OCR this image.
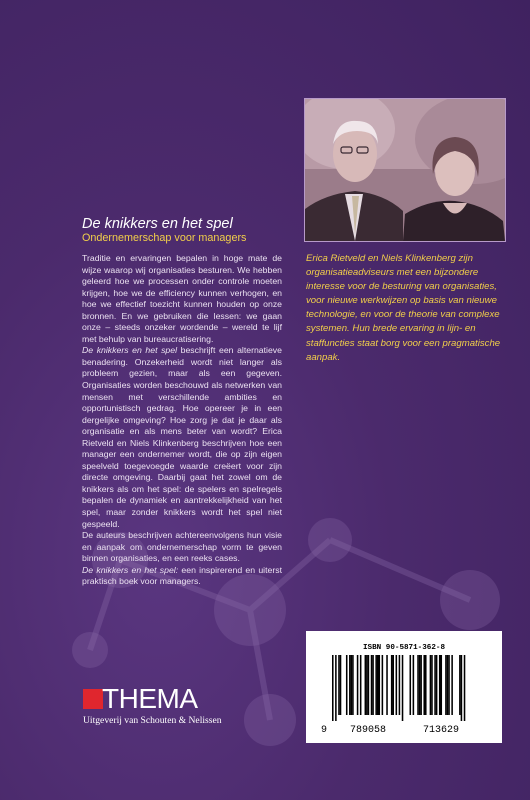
Erica Rietveld en Niels Klinkenberg zijn organisatieadviseurs met een bijzondere interesse voor de besturing van organisaties, voor nieuwe werkwijzen op basis van nieuwe technologie, en voor de theorie van complexe systemen. Hun brede ervaring in lijn- en staffuncties staat borg voor een pragmatische aanpak.
De knikkers en het spel
Ondernemerschap voor managers

Traditie en ervaringen bepalen in hoge mate de wijze waarop wij organisaties besturen. We hebben geleerd hoe we processen onder controle moeten krijgen, hoe we de efficiency kunnen verhogen, en hoe we effectief toezicht kunnen houden op onze bronnen. En we gebruiken die lessen: we gaan onze – steeds onzeker wordende – wereld te lijf met behulp van bureaucratisering.

De knikkers en het spel beschrijft een alternatieve benadering. Onzekerheid wordt niet langer als probleem gezien, maar als een gegeven. Organisaties worden beschouwd als netwerken van mensen met verschillende ambities en opportunistisch gedrag. Hoe opereer je in een dergelijke omgeving? Hoe zorg je dat je daar als organisatie en als mens beter van wordt? Erica Rietveld en Niels Klinkenberg beschrijven hoe een manager een ondernemer wordt, die op zijn eigen speelveld toegevoegde waarde creëert voor zijn directe omgeving. Daarbij gaat het zowel om de knikkers als om het spel: de spelers en spelregels bepalen de dynamiek en aantrekkelijkheid van het spel, maar zonder knikkers wordt het spel niet gespeeld.

De auteurs beschrijven achtereenvolgens hun visie en aanpak om ondernemerschap vorm te geven binnen organisaties, en een reeks cases.

De knikkers en het spel: een inspirerend en uiterst praktisch boek voor managers.

ISBN 90-5871-362-8
9 789058	713629
THEMA
Uitgeverij van Schouten & Nelissen
